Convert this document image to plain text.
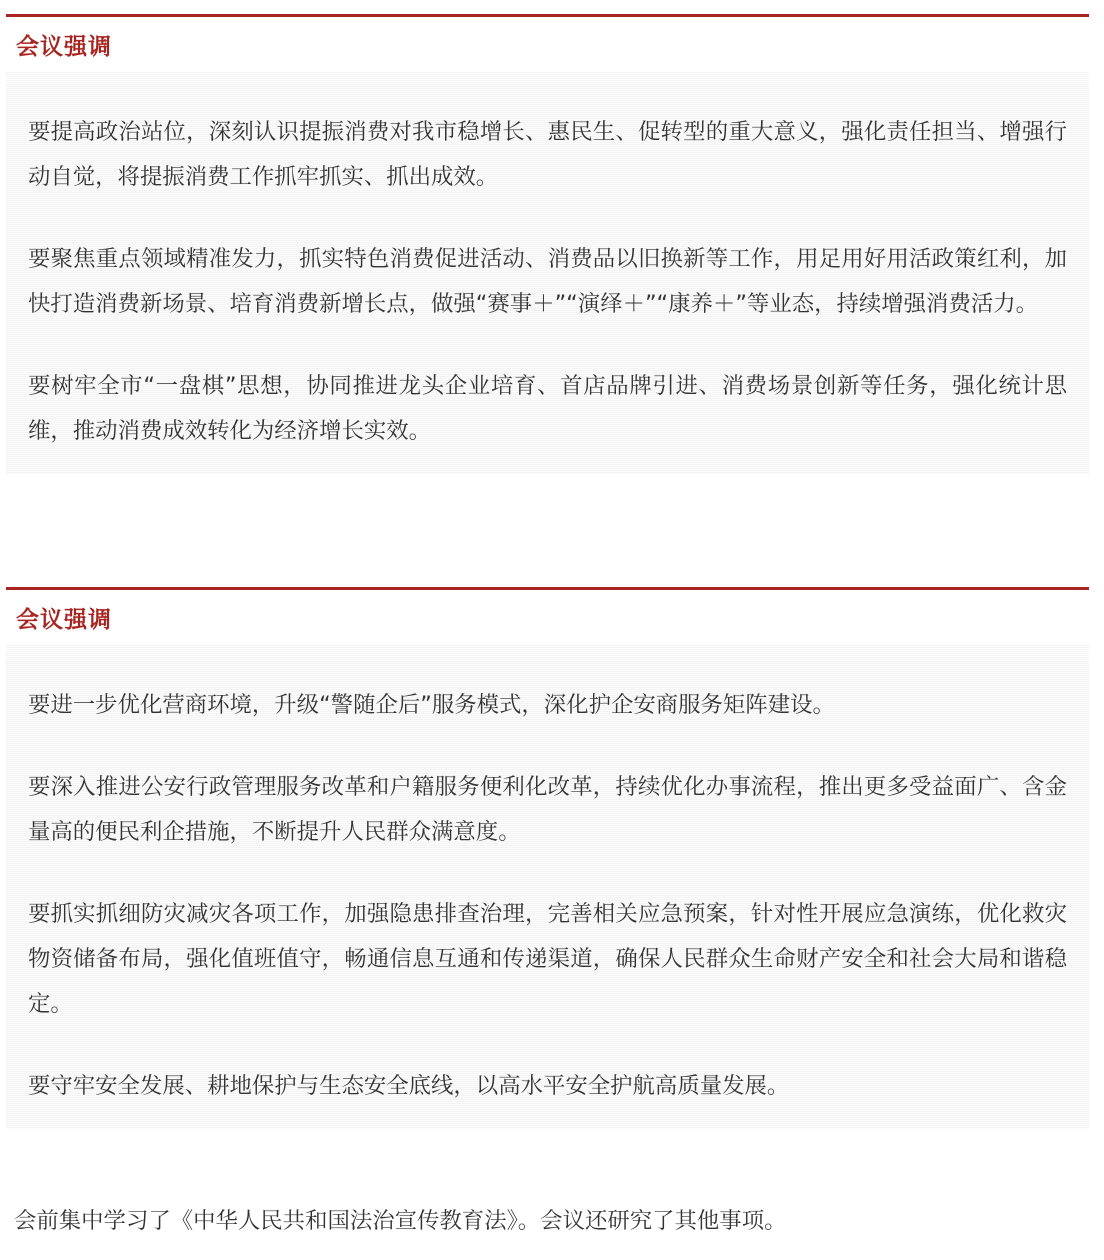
会议强调

要提高政治站位，深刻认识提振消费对我市稳增长、惠民生、促转型的重大意义，强化责任担当、增强行动自觉，将提振消费工作抓牢抓实、抓出成效。

要聚焦重点领域精准发力，抓实特色消费促进活动、消费品以旧换新等工作，用足用好用活政策红利，加快打造消费新场景、培育消费新增长点，做强“赛事＋”“演绎＋”“康养＋”等业态，持续增强消费活力。

要树牢全市“一盘棋”思想，协同推进龙头企业培育、首店品牌引进、消费场景创新等任务，强化统计思维，推动消费成效转化为经济增长实效。

会议强调

要进一步优化营商环境，升级“警随企后”服务模式，深化护企安商服务矩阵建设。

要深入推进公安行政管理服务改革和户籍服务便利化改革，持续优化办事流程，推出更多受益面广、含金量高的便民利企措施，不断提升人民群众满意度。

要抓实抓细防灾减灾各项工作，加强隐患排查治理，完善相关应急预案，针对性开展应急演练，优化救灾物资储备布局，强化值班值守，畅通信息互通和传递渠道，确保人民群众生命财产安全和社会大局和谐稳定。

要守牢安全发展、耕地保护与生态安全底线，以高水平安全护航高质量发展。

会前集中学习了《中华人民共和国法治宣传教育法》。会议还研究了其他事项。
